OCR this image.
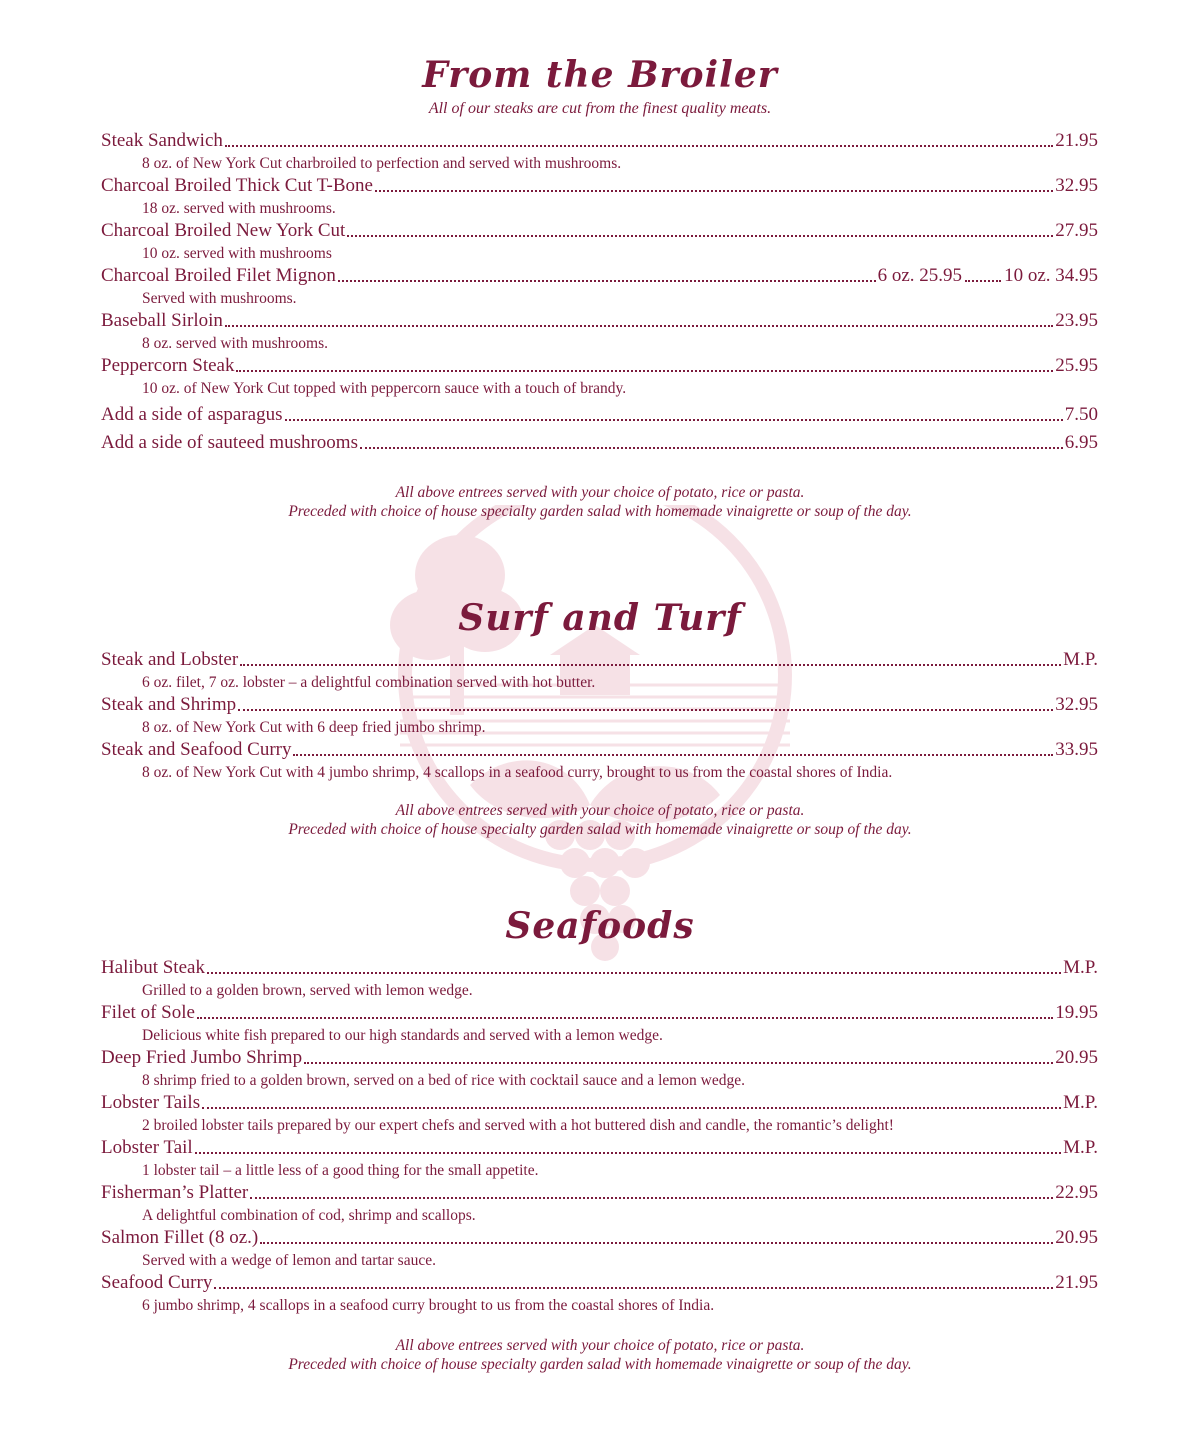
From the Broiler

All of our steaks are cut from the finest quality meats.

Steak Sandwich	21.95
8 oz. of New York Cut charbroiled to perfection and served with mushrooms.
Charcoal Broiled Thick Cut T-Bone	32.95
18 oz. served with mushrooms.
Charcoal Broiled New York Cut	27.95
10 oz. served with mushrooms
Charcoal Broiled Filet Mignon	6 oz. 25.95 10 oz. 34.95
Served with mushrooms.
Baseball Sirloin	23.95
8 oz. served with mushrooms.
Peppercorn Steak	25.95
10 oz. of New York Cut topped with peppercorn sauce with a touch of brandy.
Add a side of asparagus	7.50
Add a side of sauteed mushrooms	6.95

All above entrees served with your choice of potato, rice or pasta.

Preceded with choice of house specialty garden salad with homemade vinaigrette or soup of the day.

Surf and Turf
Steak and Lobster	M.P.
6 oz. filet, 7 oz. lobster – a delightful combination served with hot butter.
Steak and Shrimp	32.95
8 oz. of New York Cut with 6 deep fried jumbo shrimp.
Steak and Seafood Curry	33.95
8 oz. of New York Cut with 4 jumbo shrimp, 4 scallops in a seafood curry, brought to us from the coastal shores of India.

All above entrees served with your choice of potato, rice or pasta.

Preceded with choice of house specialty garden salad with homemade vinaigrette or soup of the day.

Seafoods
Halibut Steak	M.P.
Grilled to a golden brown, served with lemon wedge.
Filet of Sole	19.95
Delicious white fish prepared to our high standards and served with a lemon wedge.
Deep Fried Jumbo Shrimp	20.95
8 shrimp fried to a golden brown, served on a bed of rice with cocktail sauce and a lemon wedge.
Lobster Tails	M.P.
2 broiled lobster tails prepared by our expert chefs and served with a hot buttered dish and candle, the romantic’s delight!
Lobster Tail	M.P.
1 lobster tail – a little less of a good thing for the small appetite.
Fisherman’s Platter	22.95
A delightful combination of cod, shrimp and scallops.
Salmon Fillet (8 oz.)	20.95
Served with a wedge of lemon and tartar sauce.
Seafood Curry	21.95
6 jumbo shrimp, 4 scallops in a seafood curry brought to us from the coastal shores of India.

All above entrees served with your choice of potato, rice or pasta.

Preceded with choice of house specialty garden salad with homemade vinaigrette or soup of the day.
